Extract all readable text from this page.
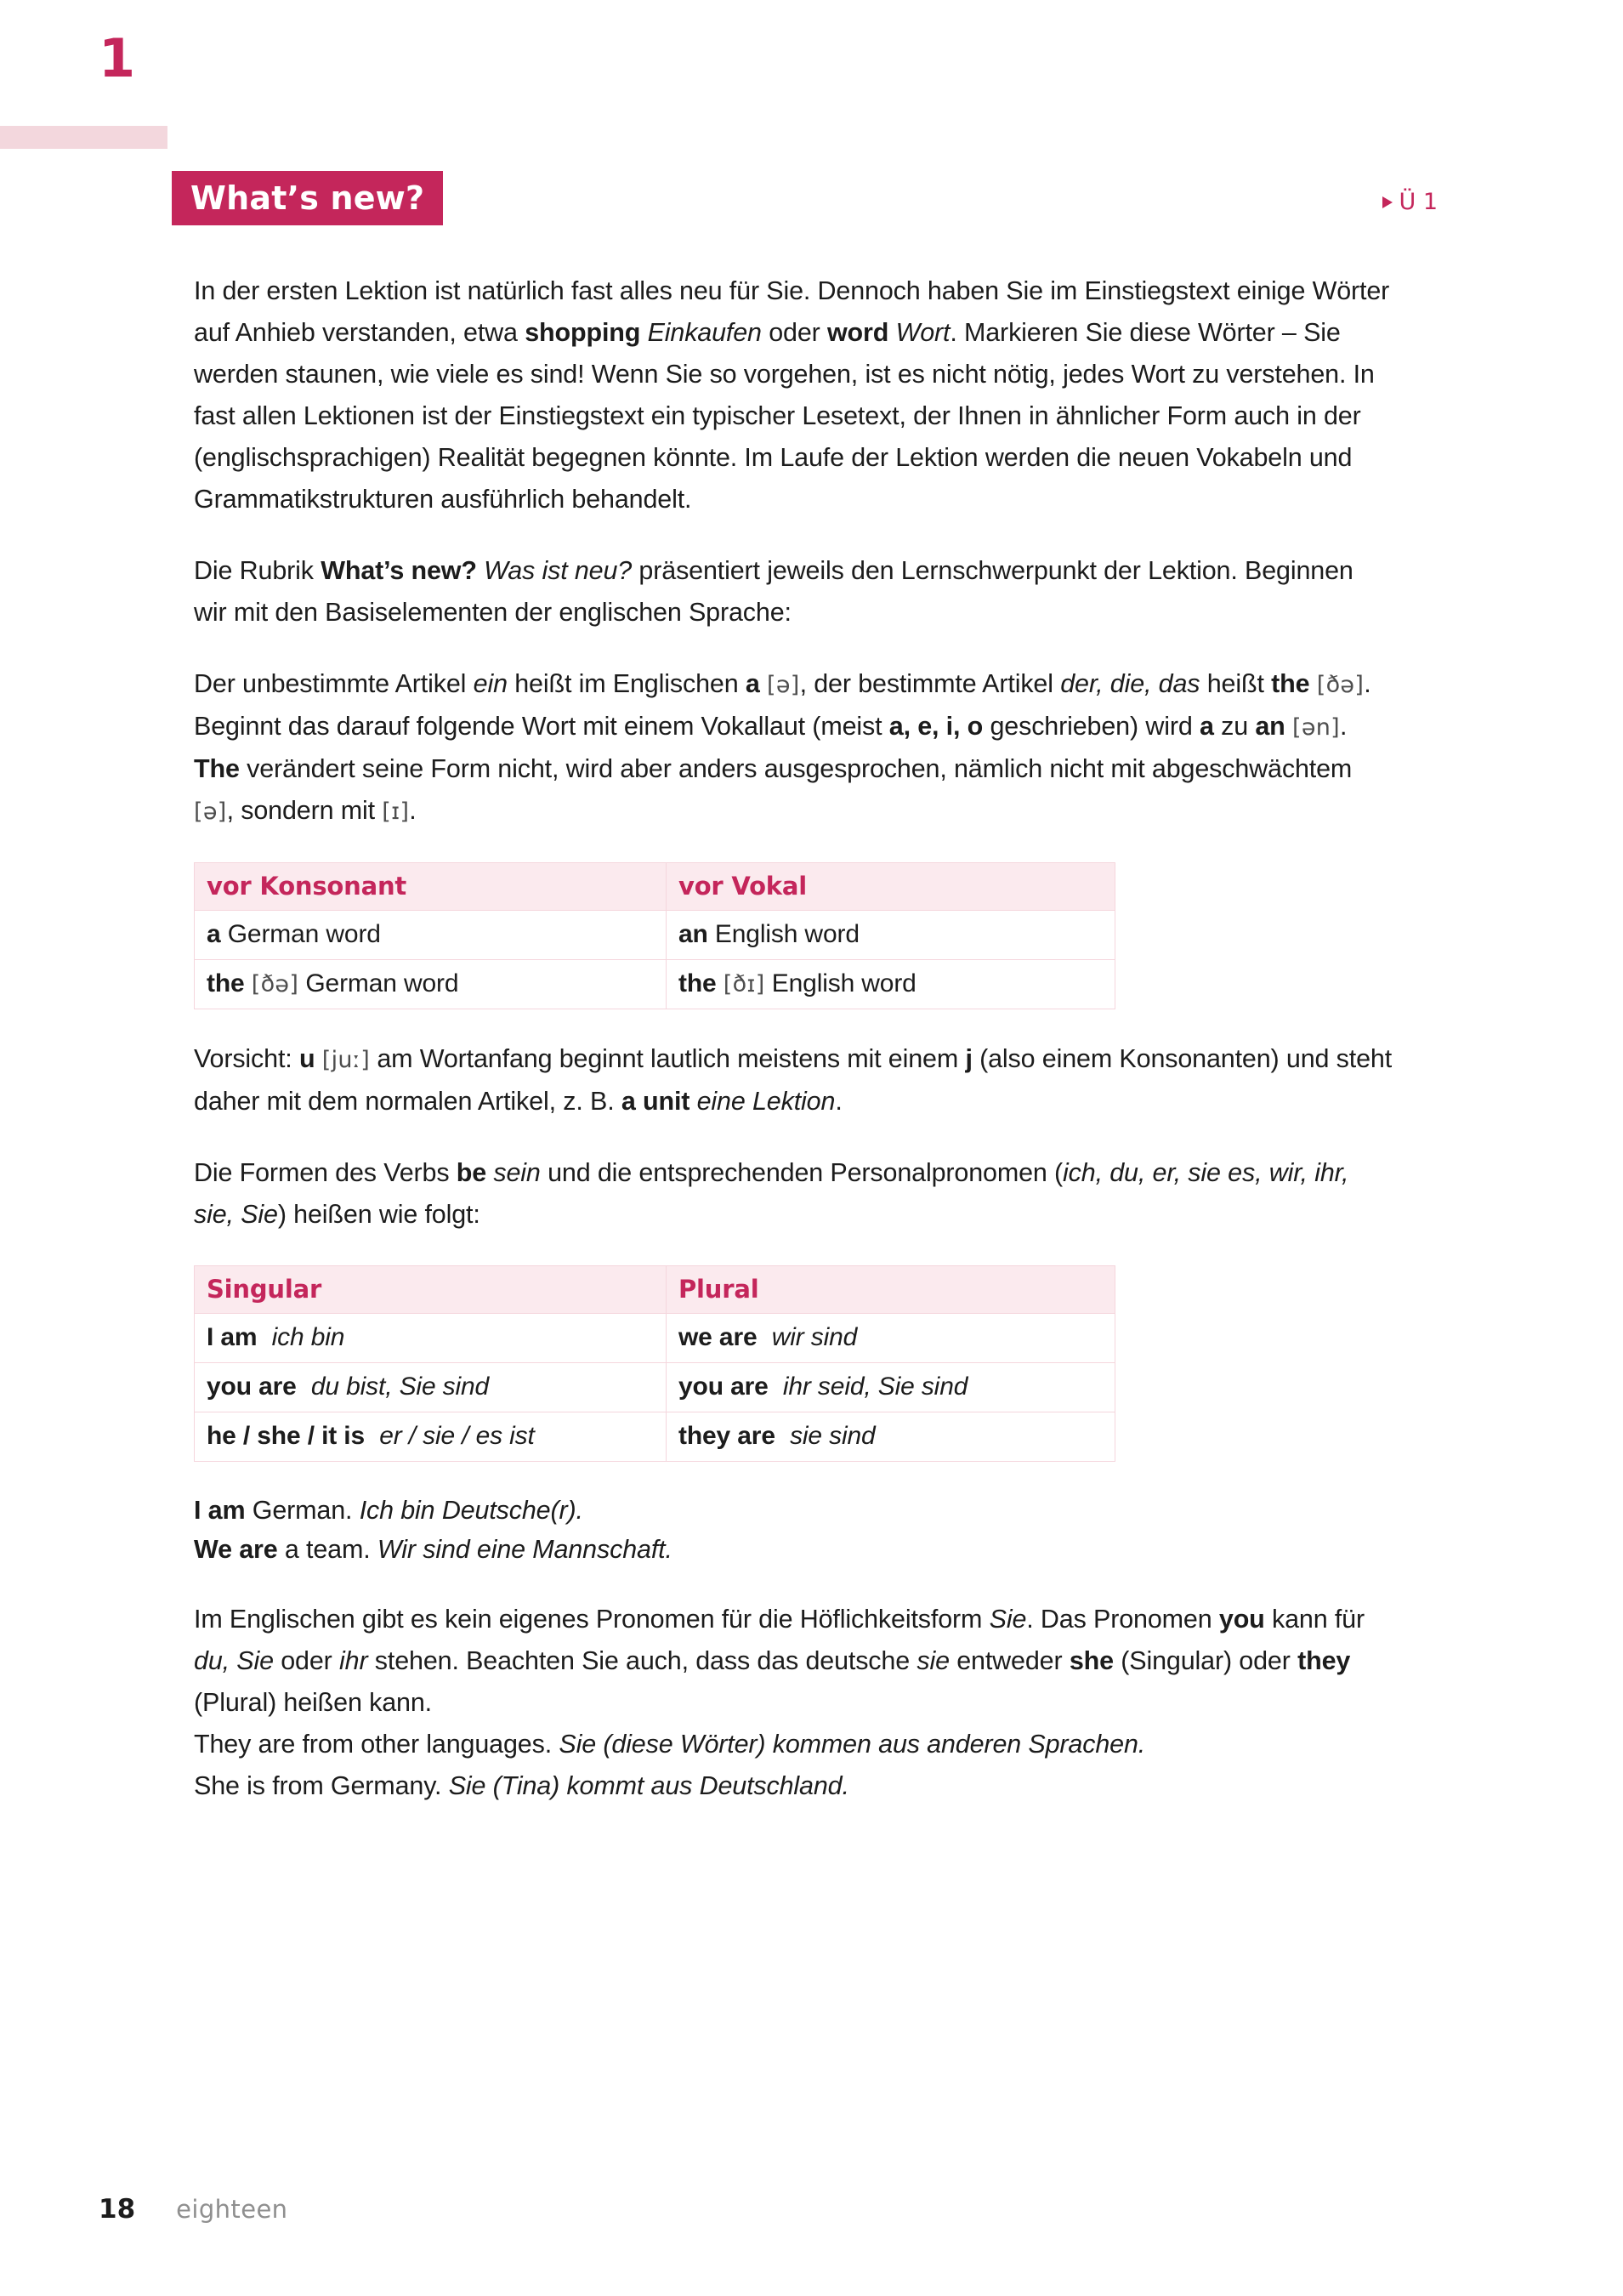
1
What’s new?	Ü 1

In der ersten Lektion ist natürlich fast alles neu für Sie. Dennoch haben Sie im Einstiegstext einige Wörter auf Anhieb verstanden, etwa shopping Einkaufen oder word Wort. Markieren Sie diese Wörter – Sie werden staunen, wie viele es sind! Wenn Sie so vorgehen, ist es nicht nötig, jedes Wort zu verstehen. In fast allen Lektionen ist der Einstiegstext ein typischer Lesetext, der Ihnen in ähnlicher Form auch in der (englischsprachigen) Realität begegnen könnte. Im Laufe der Lektion werden die neuen Vokabeln und Grammatikstrukturen ausführlich behandelt.

Die Rubrik What’s new? Was ist neu? präsentiert jeweils den Lernschwerpunkt der Lektion. Beginnen wir mit den Basiselementen der englischen Sprache:

Der unbestimmte Artikel ein heißt im Englischen a [ə], der bestimmte Artikel der, die, das heißt the [ðə]. Beginnt das darauf folgende Wort mit einem Vokallaut (meist a, e, i, o geschrieben) wird a zu an [ən]. The verändert seine Form nicht, wird aber anders ausgesprochen, nämlich nicht mit abgeschwächtem [ə], sondern mit [ɪ].

vor Konsonant	vor Vokal
a German word	an English word
the [ðə] German word	the [ðɪ] English word

Vorsicht: u [juː] am Wortanfang beginnt lautlich meistens mit einem j (also einem Konsonanten) und steht daher mit dem normalen Artikel, z. B. a unit eine Lektion.

Die Formen des Verbs be sein und die entsprechenden Personalpronomen (ich, du, er, sie es, wir, ihr, sie, Sie) heißen wie folgt:

Singular	Plural
I am ich bin	we are wir sind
you are du bist, Sie sind	you are ihr seid, Sie sind
he / she / it is er / sie / es ist	they are sie sind

I am German. Ich bin Deutsche(r).
We are a team. Wir sind eine Mannschaft.

Im Englischen gibt es kein eigenes Pronomen für die Höflichkeitsform Sie. Das Pronomen you kann für du, Sie oder ihr stehen. Beachten Sie auch, dass das deutsche sie entweder she (Singular) oder they (Plural) heißen kann.
They are from other languages. Sie (diese Wörter) kommen aus anderen Sprachen.
She is from Germany. Sie (Tina) kommt aus Deutschland.

18 eighteen
